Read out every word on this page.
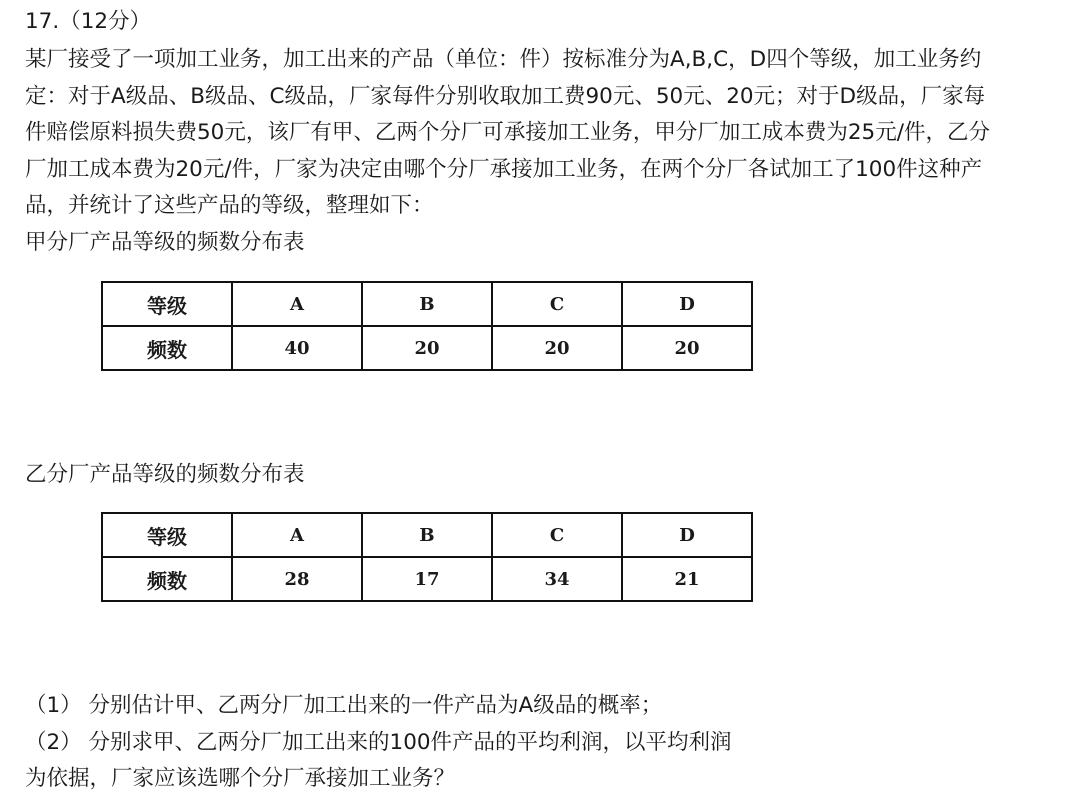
17.（12分）
某厂接受了一项加工业务，加工出来的产品（单位：件）按标准分为A,B,C，D四个等级，加工业务约
定：对于A级品、B级品、C级品，厂家每件分别收取加工费90元、50元、20元；对于D级品，厂家每
件赔偿原料损失费50元，该厂有甲、乙两个分厂可承接加工业务，甲分厂加工成本费为25元/件，乙分
厂加工成本费为20元/件，厂家为决定由哪个分厂承接加工业务，在两个分厂各试加工了100件这种产
品，并统计了这些产品的等级，整理如下：
甲分厂产品等级的频数分布表
等级	A	B	C	D
频数	40	20	20	20
乙分厂产品等级的频数分布表
等级	A	B	C	D
频数	28	17	34	21
（1） 分别估计甲、乙两分厂加工出来的一件产品为A级品的概率；
（2） 分别求甲、乙两分厂加工出来的100件产品的平均利润，以平均利润
为依据，厂家应该选哪个分厂承接加工业务？
